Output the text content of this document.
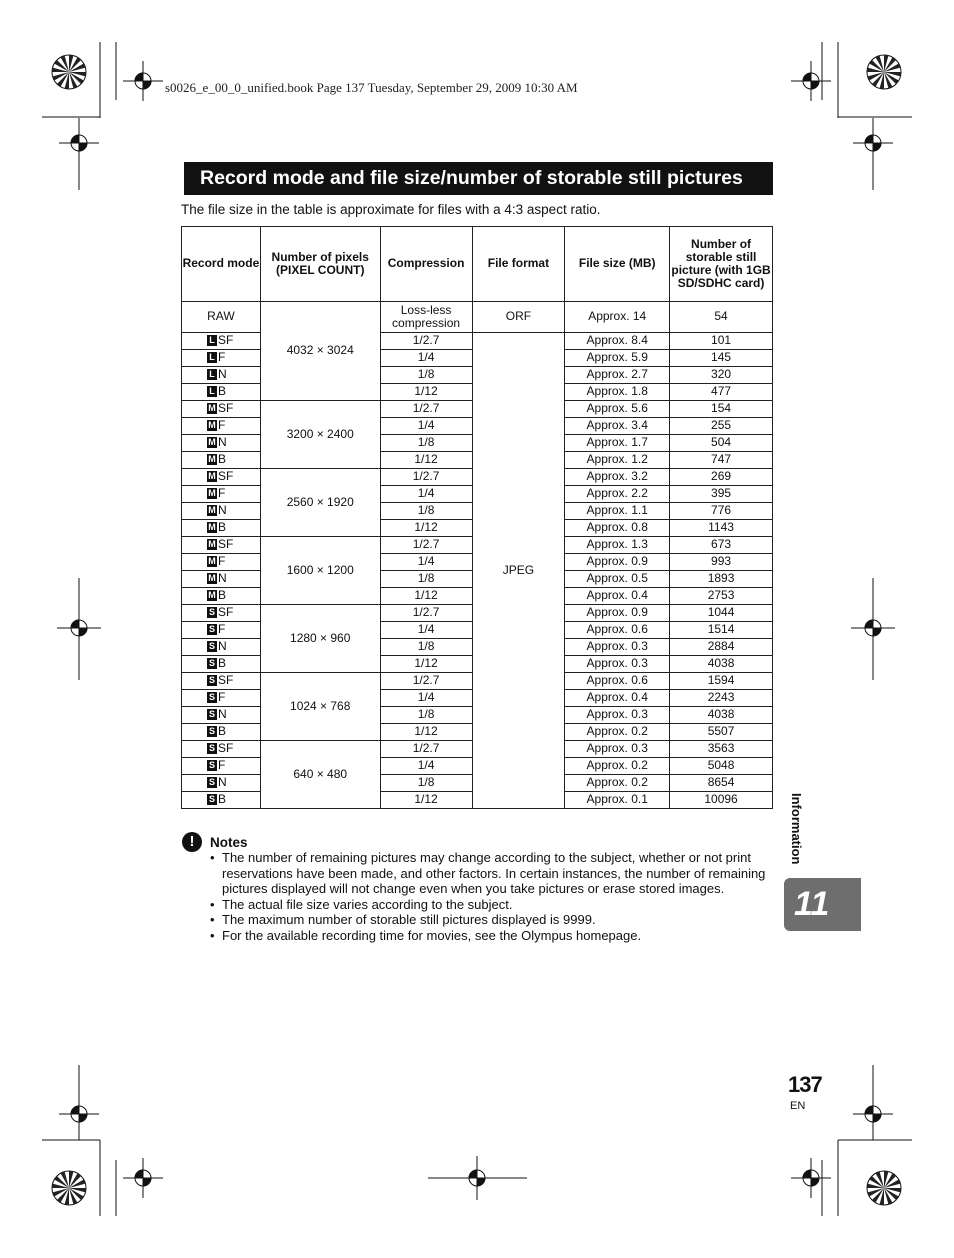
s0026_e_00_0_unified.book Page 137 Tuesday, September 29, 2009 10:30 AM
Record mode and file size/number of storable still pictures
The file size in the table is approximate for files with a 4:3 aspect ratio.
Record mode	Number of pixels (PIXEL COUNT)	Compression	File format	File size (MB)	Number of storable still picture (with 1GB SD/SDHC card)
RAW	4032 × 3024	Loss-less compression	ORF	Approx. 14	54

L SF		1/2.7	JPEG	Approx. 8.4	101

L F		1/4		Approx. 5.9	145

L N		1/8		Approx. 2.7	320

L B		1/12		Approx. 1.8	477

M SF	3200 × 2400	1/2.7		Approx. 5.6	154

M F		1/4		Approx. 3.4	255

M N		1/8		Approx. 1.7	504

M B		1/12		Approx. 1.2	747

M SF	2560 × 1920	1/2.7		Approx. 3.2	269

M F		1/4		Approx. 2.2	395

M N		1/8		Approx. 1.1	776

M B		1/12		Approx. 0.8	1143

M SF	1600 × 1200	1/2.7		Approx. 1.3	673

M F		1/4		Approx. 0.9	993

M N		1/8		Approx. 0.5	1893

M B		1/12		Approx. 0.4	2753

S SF	1280 × 960	1/2.7		Approx. 0.9	1044

S F		1/4		Approx. 0.6	1514

S N		1/8		Approx. 0.3	2884

S B		1/12		Approx. 0.3	4038

S SF	1024 × 768	1/2.7		Approx. 0.6	1594

S F		1/4		Approx. 0.4	2243

S N		1/8		Approx. 0.3	4038

S B		1/12		Approx. 0.2	5507

S SF	640 × 480	1/2.7		Approx. 0.3	3563

S F		1/4		Approx. 0.2	5048

S N		1/8		Approx. 0.2	8654

S B		1/12		Approx. 0.1	10096
!	Notes
• The number of remaining pictures may change according to the subject, whether or not print reservations have been made, and other factors. In certain instances, the number of remaining pictures displayed will not change even when you take pictures or erase stored images.
• The actual file size varies according to the subject.
• The maximum number of storable still pictures displayed is 9999.
• For the available recording time for movies, see the Olympus homepage.
Information
11
137
EN
